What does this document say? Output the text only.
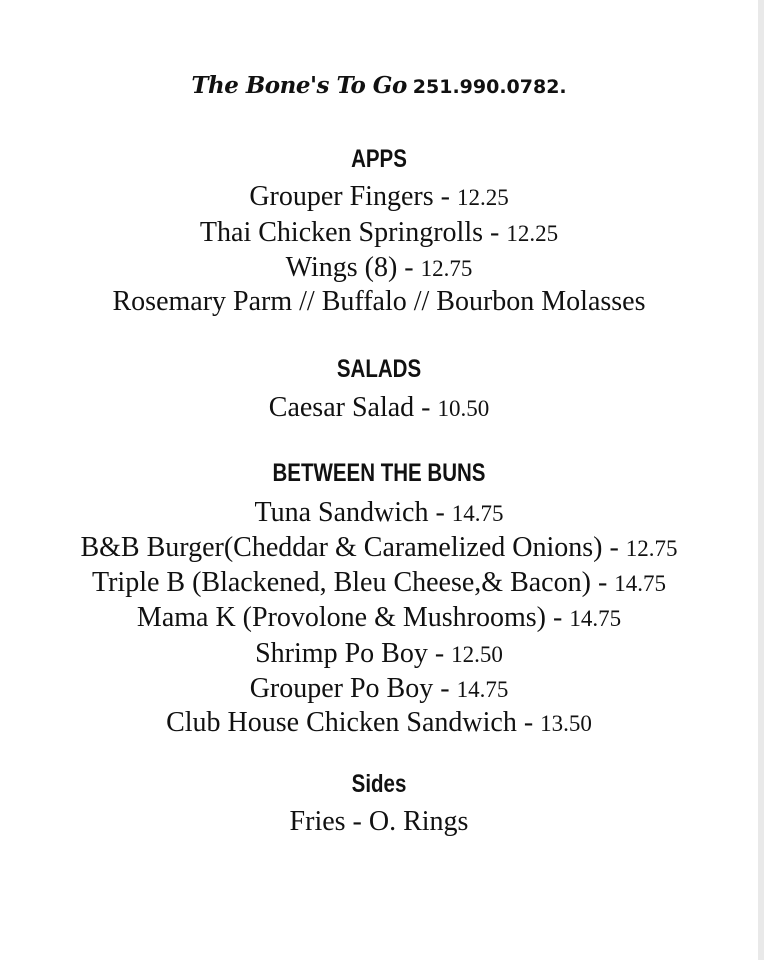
The Bone's To Go 251.990.0782.
APPS
Grouper Fingers - 12.25
Thai Chicken Springrolls - 12.25
Wings (8) - 12.75
Rosemary Parm // Buffalo // Bourbon Molasses
SALADS
Caesar Salad - 10.50
BETWEEN THE BUNS
Tuna Sandwich - 14.75
B&B Burger(Cheddar & Caramelized Onions) - 12.75
Triple B (Blackened, Bleu Cheese,& Bacon) - 14.75
Mama K (Provolone & Mushrooms) - 14.75
Shrimp Po Boy - 12.50
Grouper Po Boy - 14.75
Club House Chicken Sandwich - 13.50
Sides
Fries - O. Rings
